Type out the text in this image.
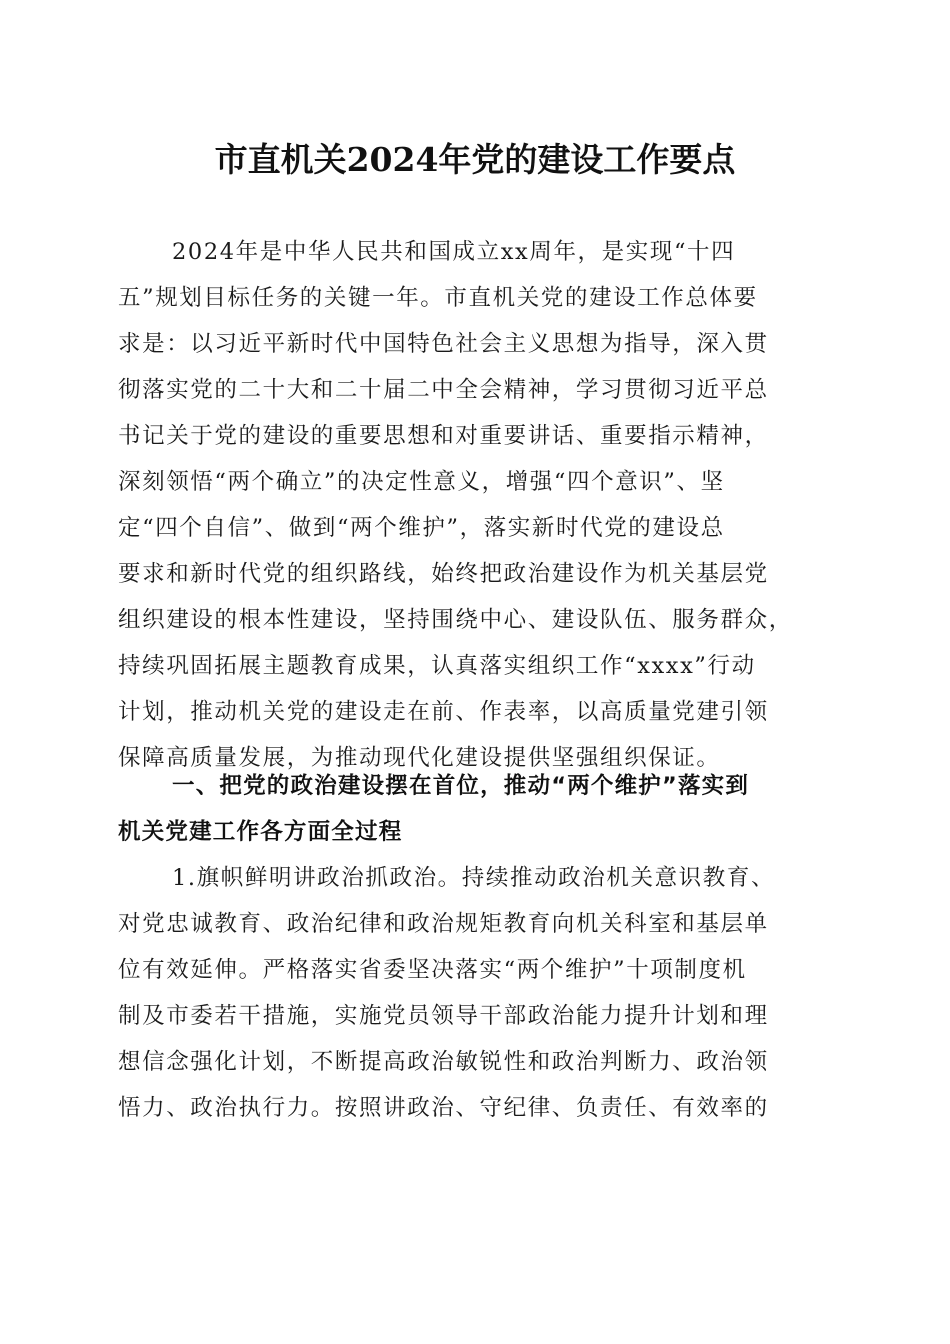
市直机关2024年党的建设工作要点
2024年是中华人民共和国成立xx周年，是实现“十四
五”规划目标任务的关键一年。市直机关党的建设工作总体要
求是：以习近平新时代中国特色社会主义思想为指导，深入贯
彻落实党的二十大和二十届二中全会精神，学习贯彻习近平总
书记关于党的建设的重要思想和对重要讲话、重要指示精神，
深刻领悟“两个确立”的决定性意义，增强“四个意识”、坚
定“四个自信”、做到“两个维护”，落实新时代党的建设总
要求和新时代党的组织路线，始终把政治建设作为机关基层党
组织建设的根本性建设，坚持围绕中心、建设队伍、服务群众，
持续巩固拓展主题教育成果，认真落实组织工作“xxxx”行动
计划，推动机关党的建设走在前、作表率，以高质量党建引领
保障高质量发展，为推动现代化建设提供坚强组织保证。
一、把党的政治建设摆在首位，推动“两个维护”落实到
机关党建工作各方面全过程
1.旗帜鲜明讲政治抓政治。持续推动政治机关意识教育、
对党忠诚教育、政治纪律和政治规矩教育向机关科室和基层单
位有效延伸。严格落实省委坚决落实“两个维护”十项制度机
制及市委若干措施，实施党员领导干部政治能力提升计划和理
想信念强化计划，不断提高政治敏锐性和政治判断力、政治领
悟力、政治执行力。按照讲政治、守纪律、负责任、有效率的
